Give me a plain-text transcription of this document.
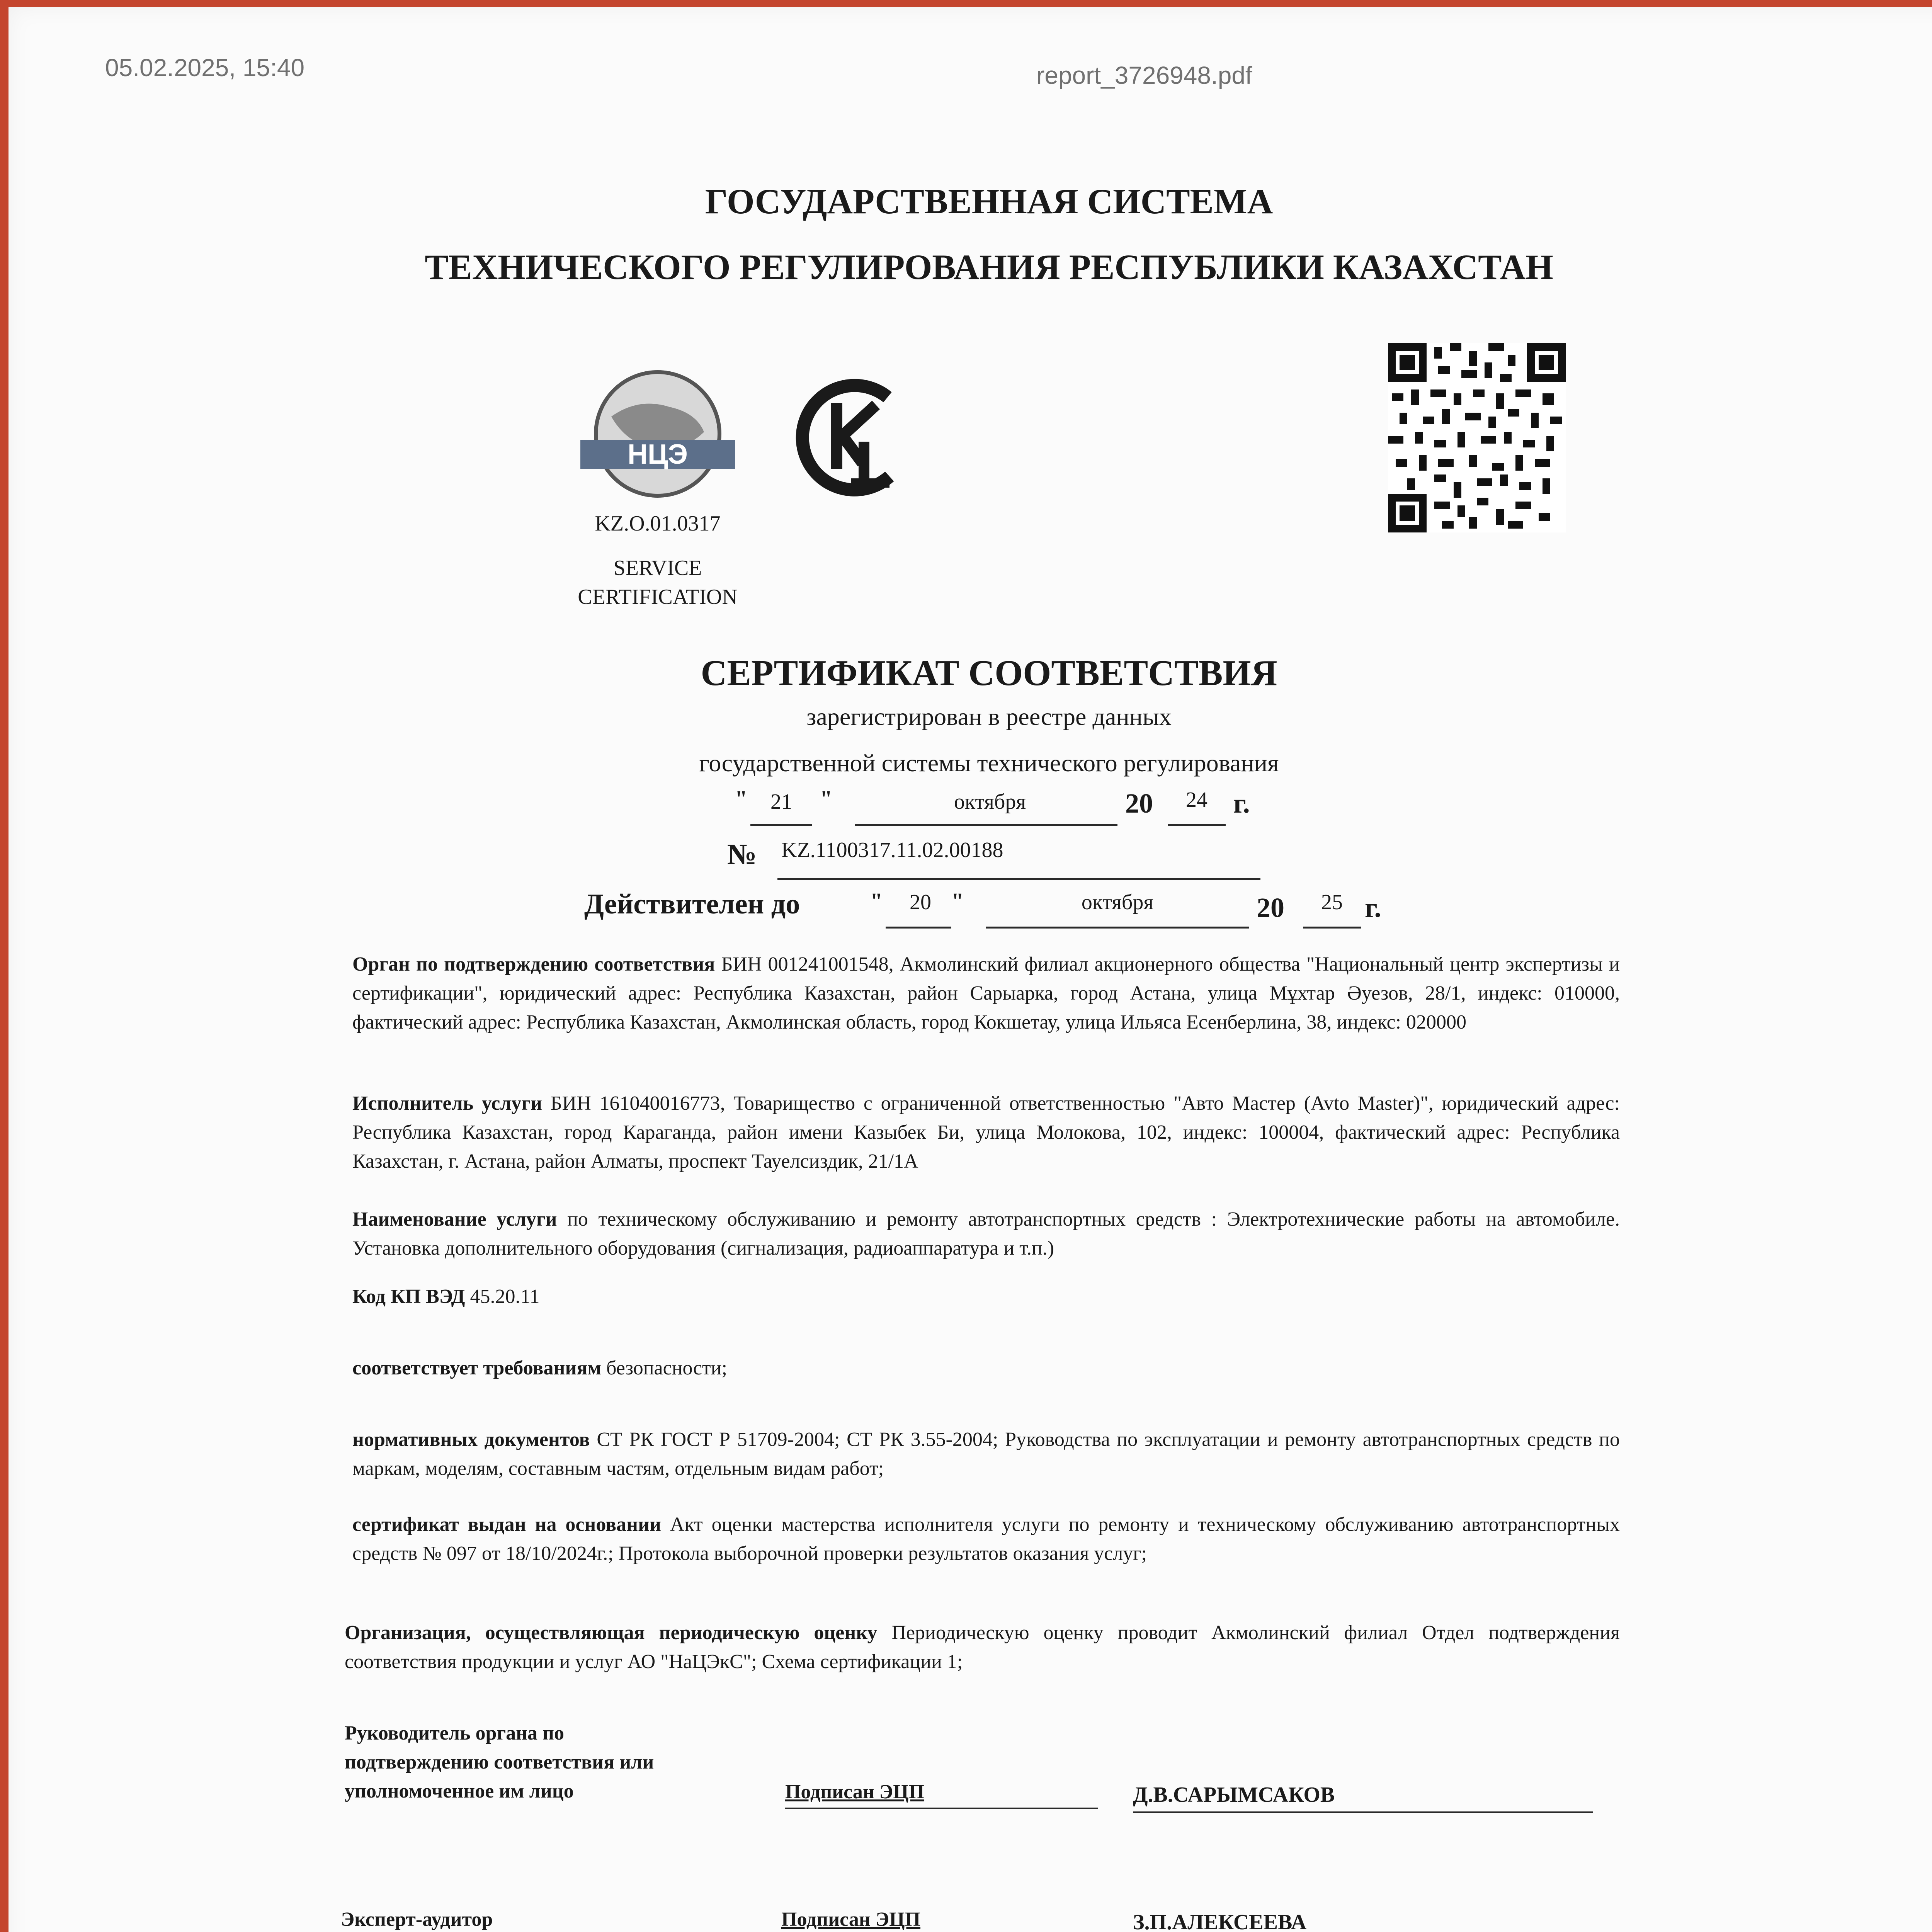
05.02.2025, 15:40	report_3726948.pdf
ГОСУДАРСТВЕННАЯ СИСТЕМА
ТЕХНИЧЕСКОГО РЕГУЛИРОВАНИЯ РЕСПУБЛИКИ КАЗАХСТАН
НЦЭ
KZ.O.01.0317
SERVICE
CERTIFICATION
СЕРТИФИКАТ СООТВЕТСТВИЯ
зарегистрирован в реестре данных
государственной системы технического регулирования
"	21	"	октября	20	24 г.
№ KZ.1100317.11.02.00188
Действителен до	"	20 "	октября	20	25 г.
Орган по подтверждению соответствия БИН 001241001548, Акмолинский филиал акционерного общества "Национальный центр экспертизы и сертификации", юридический адрес: Республика Казахстан, район Сарыарка, город Астана, улица Мұхтар Әуезов, 28/1, индекс: 010000, фактический адрес: Республика Казахстан, Акмолинская область, город Кокшетау, улица Ильяса Есенберлина, 38, индекс: 020000
Исполнитель услуги БИН 161040016773, Товарищество с ограниченной ответственностью "Авто Мастер (Avto Master)", юридический адрес: Республика Казахстан, город Караганда, район имени Казыбек Би, улица Молокова, 102, индекс: 100004, фактический адрес: Республика Казахстан, г. Астана, район Алматы, проспект Тауелсиздик, 21/1А
Наименование услуги по техническому обслуживанию и ремонту автотранспортных средств : Электротехнические работы на автомобиле. Установка дополнительного оборудования (сигнализация, радиоаппаратура и т.п.)
Код КП ВЭД 45.20.11
соответствует требованиям безопасности;
нормативных документов СТ РК ГОСТ Р 51709-2004; СТ РК 3.55-2004; Руководства по эксплуатации и ремонту автотранспортных средств по маркам, моделям, составным частям, отдельным видам работ;
сертификат выдан на основании Акт оценки мастерства исполнителя услуги по ремонту и техническому обслуживанию автотранспортных средств № 097 от 18/10/2024г.; Протокола выборочной проверки результатов оказания услуг;
Организация, осуществляющая периодическую оценку Периодическую оценку проводит Акмолинский филиал Отдел подтверждения соответствия продукции и услуг АО "НаЦЭкС"; Схема сертификации 1;
Руководитель органа по
подтверждению соответствия или
уполномоченное им лицо	Подписан ЭЦП	Д.В.САРЫМСАКОВ
Эксперт-аудитор	Подписан ЭЦП	З.П.АЛЕКСЕЕВА
